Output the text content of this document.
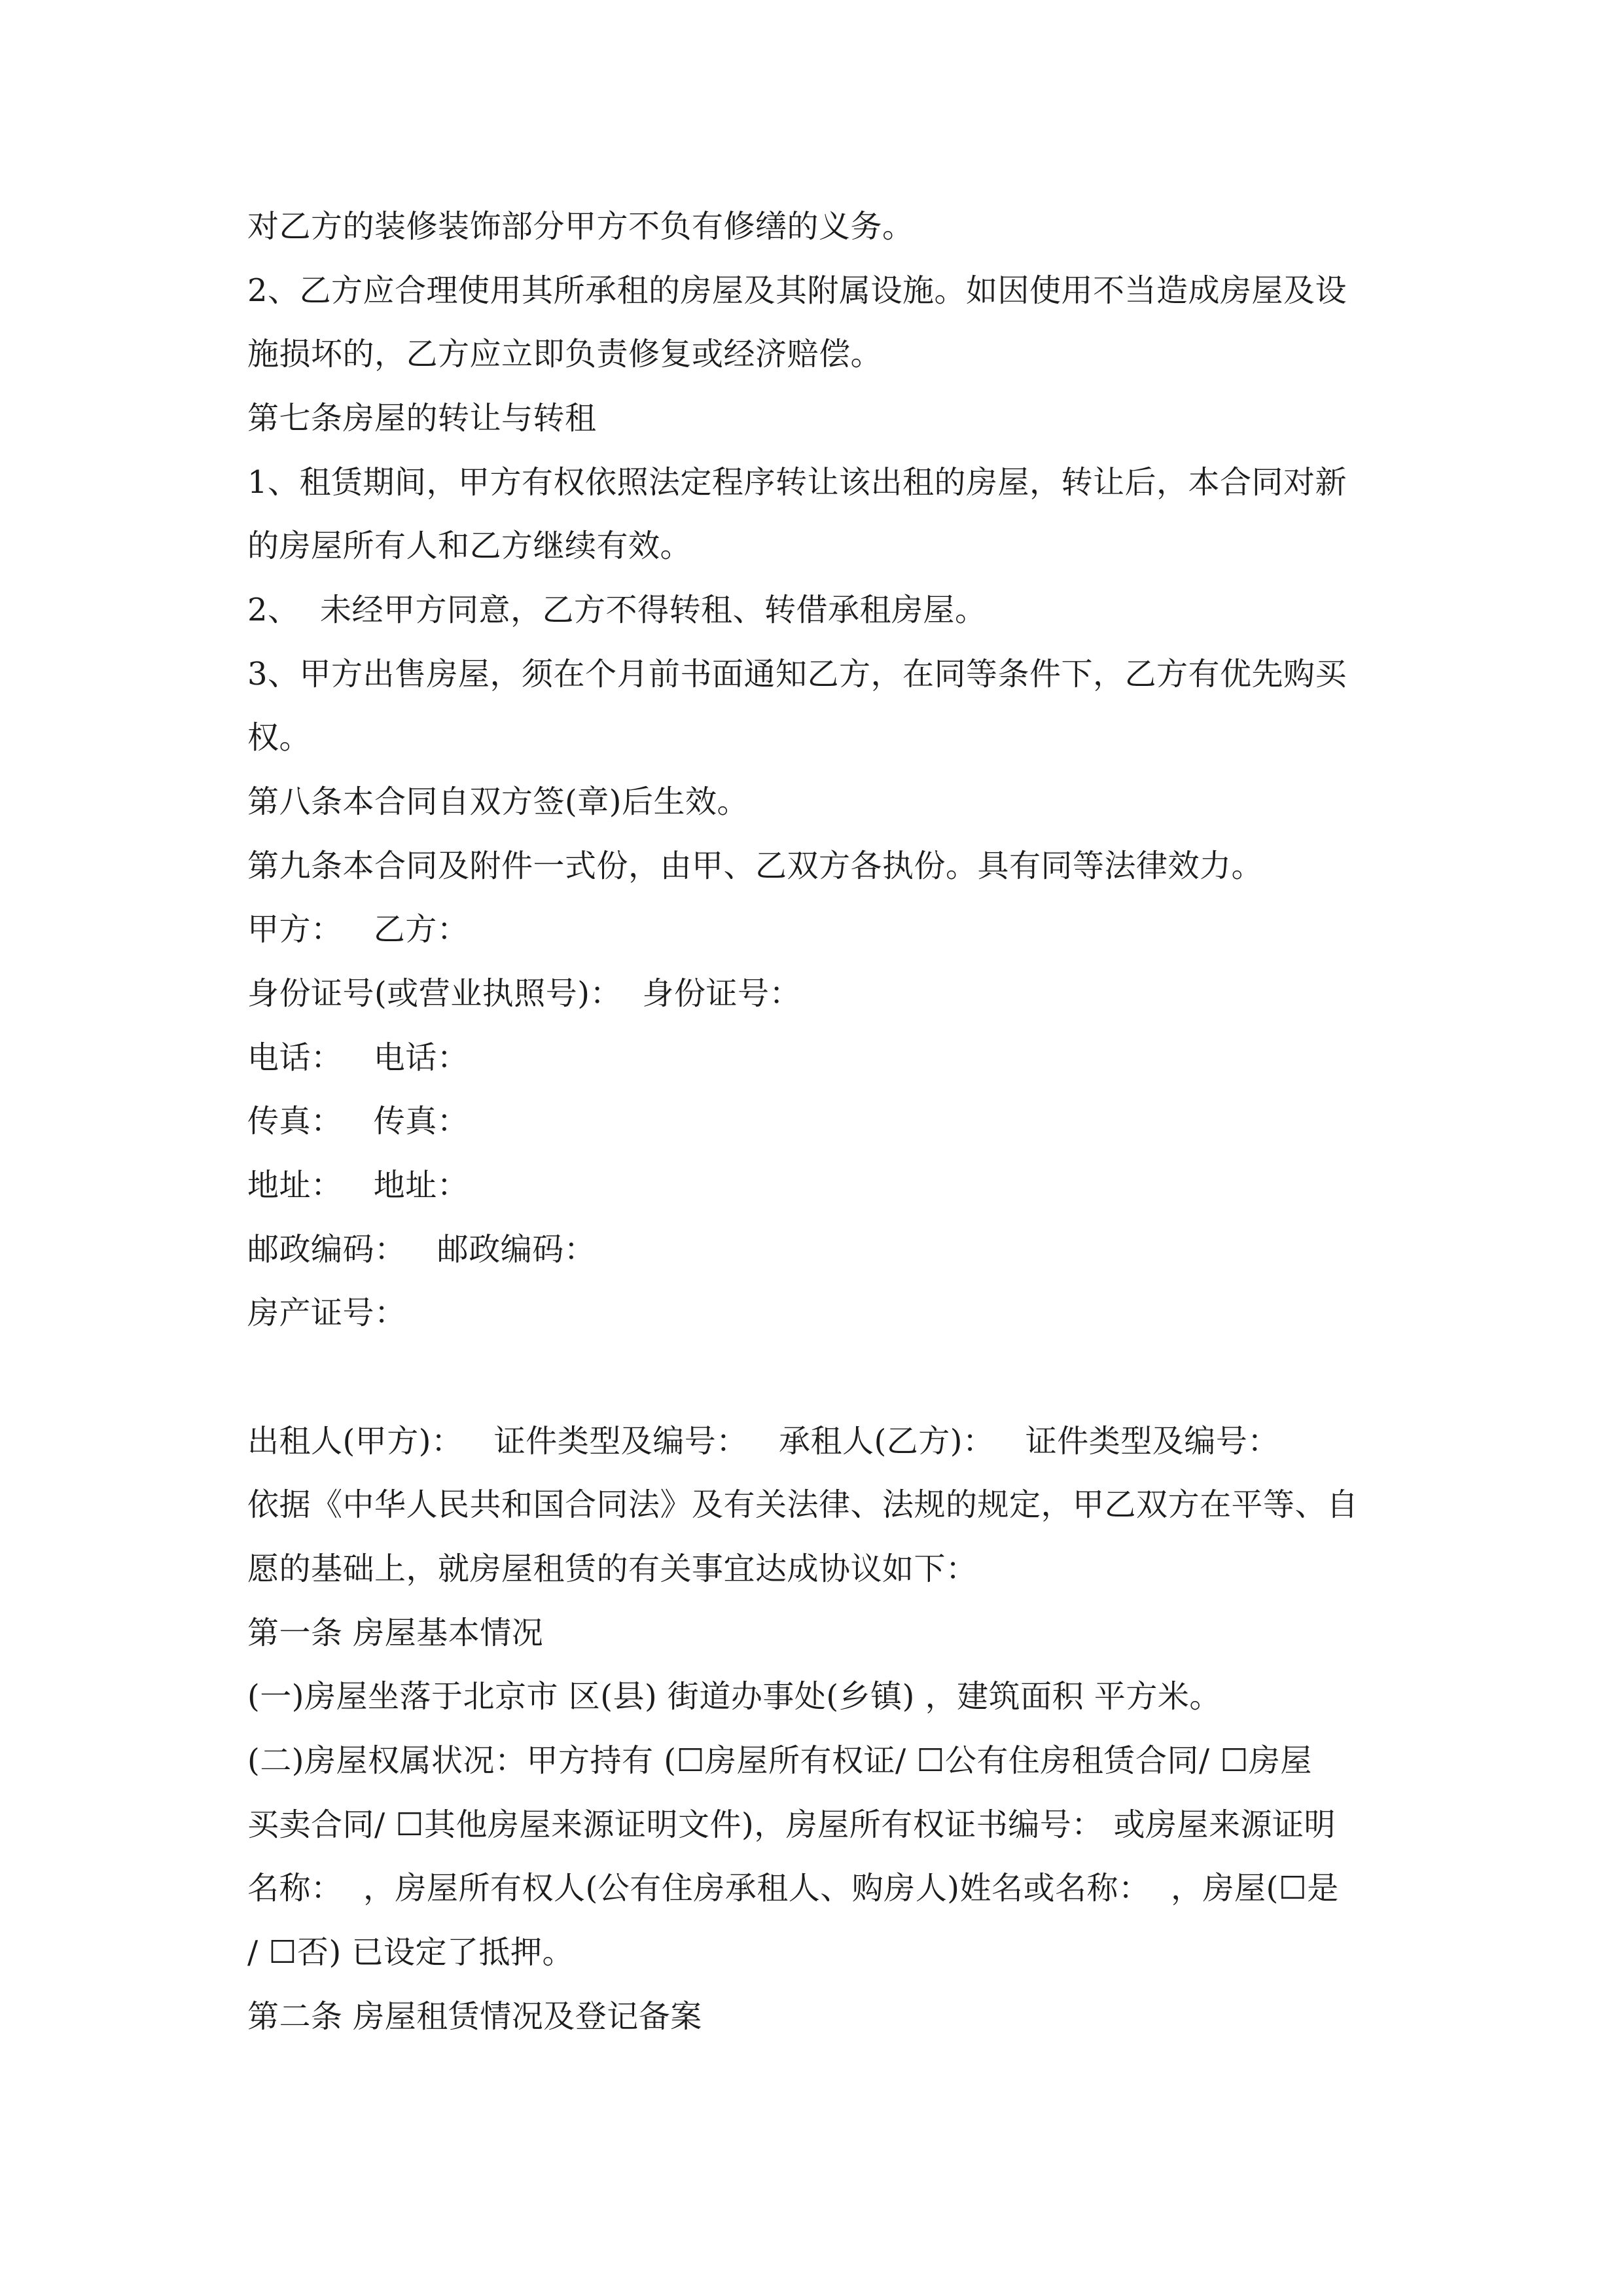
对乙方的装修装饰部分甲方不负有修缮的义务。
2、乙方应合理使用其所承租的房屋及其附属设施。如因使用不当造成房屋及设
施损坏的，乙方应立即负责修复或经济赔偿。
第七条房屋的转让与转租
1、租赁期间，甲方有权依照法定程序转让该出租的房屋，转让后，本合同对新
的房屋所有人和乙方继续有效。
2、  未经甲方同意，乙方不得转租、转借承租房屋。
3、甲方出售房屋，须在个月前书面通知乙方，在同等条件下，乙方有优先购买
权。
第八条本合同自双方签(章)后生效。
第九条本合同及附件一式份，由甲、乙双方各执份。具有同等法律效力。
甲方：   乙方：
身份证号(或营业执照号)：  身份证号：
电话：   电话：
传真：   传真：
地址：   地址：
邮政编码：   邮政编码：
房产证号：
出租人(甲方)：   证件类型及编号：   承租人(乙方)：   证件类型及编号：
依据《中华人民共和国合同法》及有关法律、法规的规定，甲乙双方在平等、自
愿的基础上，就房屋租赁的有关事宜达成协议如下：
第一条 房屋基本情况
(一)房屋坐落于北京市 区(县) 街道办事处(乡镇) ，建筑面积 平方米。
(二)房屋权属状况：甲方持有 (☐房屋所有权证/ ☐公有住房租赁合同/ ☐房屋
买卖合同/ ☐其他房屋来源证明文件)，房屋所有权证书编号： 或房屋来源证明
名称：  ，房屋所有权人(公有住房承租人、购房人)姓名或名称：  ，房屋(☐是
/ ☐否) 已设定了抵押。
第二条 房屋租赁情况及登记备案
